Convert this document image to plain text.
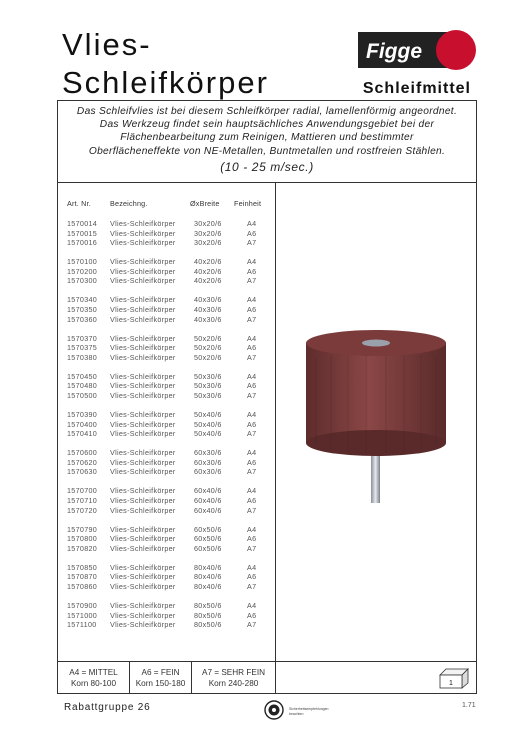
Vlies-
Schleifkörper
Figge
Schleifmittel
Das Schleifvlies ist bei diesem Schleifkörper radial, lamellenförmig angeordnet.
Das Werkzeug findet sein hauptsächliches Anwendungsgebiet bei der
Flächenbearbeitung zum Reinigen, Mattieren und bestimmter
Oberflächeneffekte von NE-Metallen, Buntmetallen und rostfreien Stählen.
(10 - 25 m/sec.)
Art. Nr.	Bezeichng.	ØxBreite Feinheit
1570014 Vlies-Schleifkörper	30x20/6	A4
1570015 Vlies-Schleifkörper	30x20/6	A6
1570016 Vlies-Schleifkörper	30x20/6	A7
1570100 Vlies-Schleifkörper	40x20/6	A4
1570200 Vlies-Schleifkörper	40x20/6	A6
1570300 Vlies-Schleifkörper	40x20/6	A7
1570340 Vlies-Schleifkörper	40x30/6	A4
1570350 Vlies-Schleifkörper	40x30/6	A6
1570360 Vlies-Schleifkörper	40x30/6	A7
1570370 Vlies-Schleifkörper	50x20/6	A4
1570375 Vlies-Schleifkörper	50x20/6	A6
1570380 Vlies-Schleifkörper	50x20/6	A7
1570450 Vlies-Schleifkörper	50x30/6	A4
1570480 Vlies-Schleifkörper	50x30/6	A6
1570500 Vlies-Schleifkörper	50x30/6	A7
1570390 Vlies-Schleifkörper	50x40/6	A4
1570400 Vlies-Schleifkörper	50x40/6	A6
1570410 Vlies-Schleifkörper	50x40/6	A7
1570600 Vlies-Schleifkörper	60x30/6	A4
1570620 Vlies-Schleifkörper	60x30/6	A6
1570630 Vlies-Schleifkörper	60x30/6	A7
1570700 Vlies-Schleifkörper	60x40/6	A4
1570710 Vlies-Schleifkörper	60x40/6	A6
1570720 Vlies-Schleifkörper	60x40/6	A7
1570790 Vlies-Schleifkörper	60x50/6	A4
1570800 Vlies-Schleifkörper	60x50/6	A6
1570820 Vlies-Schleifkörper	60x50/6	A7
1570850 Vlies-Schleifkörper	80x40/6	A4
1570870 Vlies-Schleifkörper	80x40/6	A6
1570860 Vlies-Schleifkörper	80x40/6	A7
1570900 Vlies-Schleifkörper	80x50/6	A4
1571000 Vlies-Schleifkörper	80x50/6	A6
1571100 Vlies-Schleifkörper	80x50/6	A7
A4 = MITTEL
Korn 80-100
A6 = FEIN
Korn 150-180
A7 = SEHR FEIN
Korn 240-280	1
Rabattgruppe 26	Sicherheitsempfehlungen
beachten
1.71
